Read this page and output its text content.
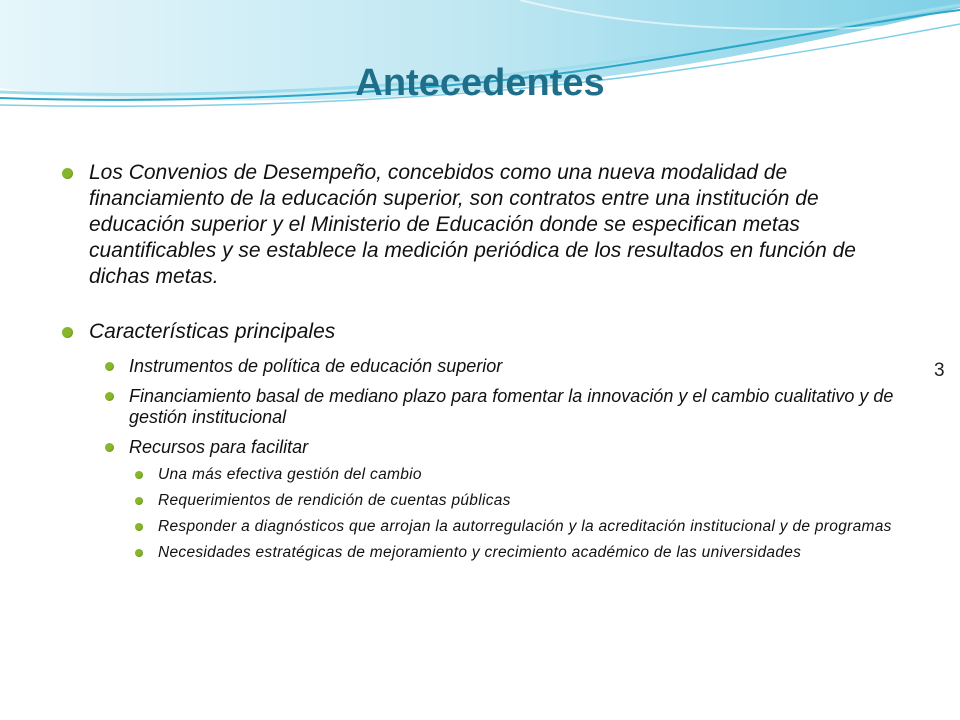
Antecedentes
3
Los Convenios de Desempeño, concebidos como una nueva modalidad de financiamiento de la educación superior, son contratos entre una institución de educación superior y el Ministerio de Educación donde se especifican metas cuantificables y se establece la medición periódica de los resultados en función de dichas metas.
Características principales
Instrumentos de política de educación superior
Financiamiento basal de mediano plazo para fomentar la innovación y el cambio cualitativo y de gestión institucional
Recursos para facilitar
Una más efectiva gestión del cambio
Requerimientos de rendición de cuentas públicas
Responder a diagnósticos que arrojan la autorregulación y la acreditación institucional y de programas
Necesidades estratégicas de mejoramiento y crecimiento académico de las universidades
